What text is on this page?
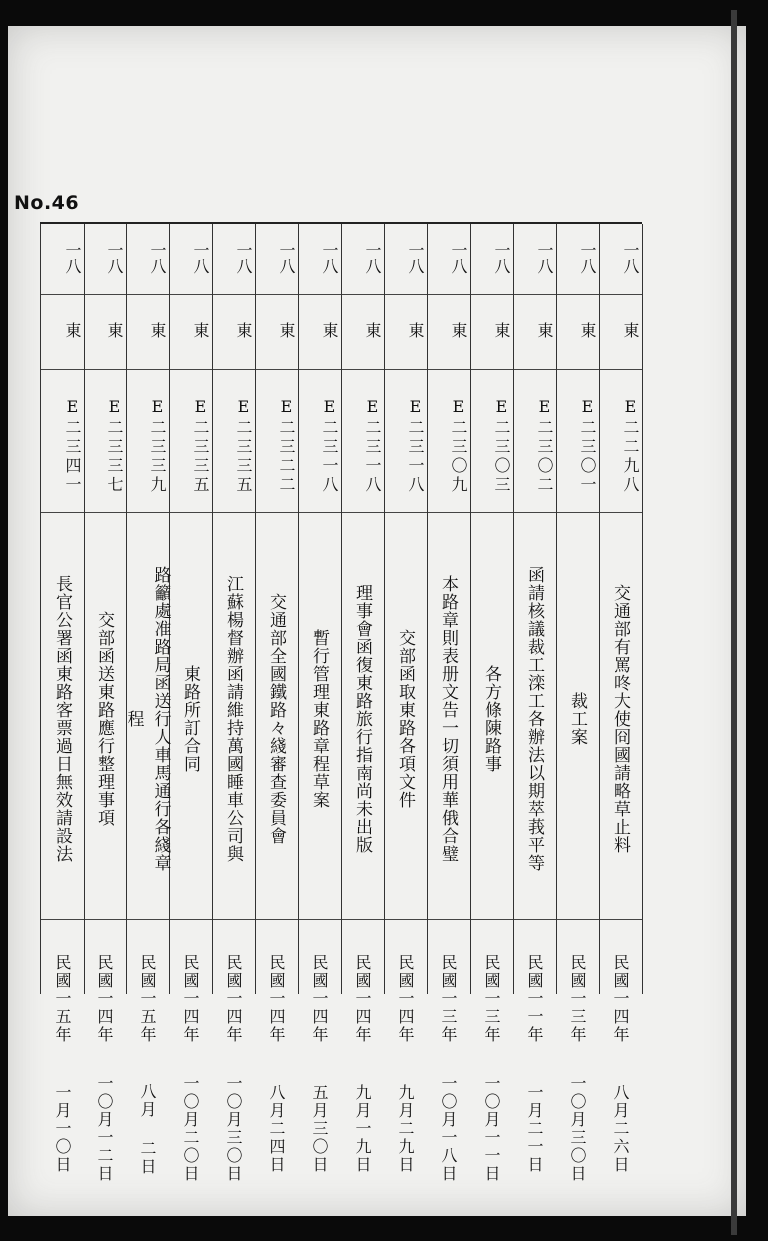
No.46
一八
東
E二二九八
交通部有罵咚大使冏國請略草止料
民國一四年
八月二六日
一八
東
E二三〇一
裁工案
民國一三年
一〇月三〇日
一八
東
E二三〇二
函請核議裁工滦工各辦法以期萃莪平等
民國一一年
一月二一日
一八
東
E二三〇三
各方條陳路事
民國一三年
一〇月一一日
一八
東
E二三〇九
本路章則表册文告一切須用華俄合璧
民國一三年
一〇月一八日
一八
東
E二三一八
交部函取東路各項文件
民國一四年
九月二九日
一八
東
E二三一八
理事會函復東路旅行指南尚未出版
民國一四年
九月一九日
一八
東
E二三一八
暫行管理東路章程草案
民國一四年
五月三〇日
一八
東
E二三二二
交通部全國鐵路々綫審查委員會
民國一四年
八月二四日
一八
東
E二三三五
江蘇楊督辦函請維持萬國睡車公司與
民國一四年
一〇月三〇日
一八
東
E二三三五
東路所訂合同
民國一四年
一〇月二〇日
一八
東
E二三三九
路籲處准路局函送行人車馬通行各綫章
程
民國一五年
八月 二日
一八
東
E二三三七
交部函送東路應行整理事項
民國一四年
一〇月一二日
一八
東
E二三四一
長官公署函東路客票過日無效請設法
民國一五年
一月一〇日
